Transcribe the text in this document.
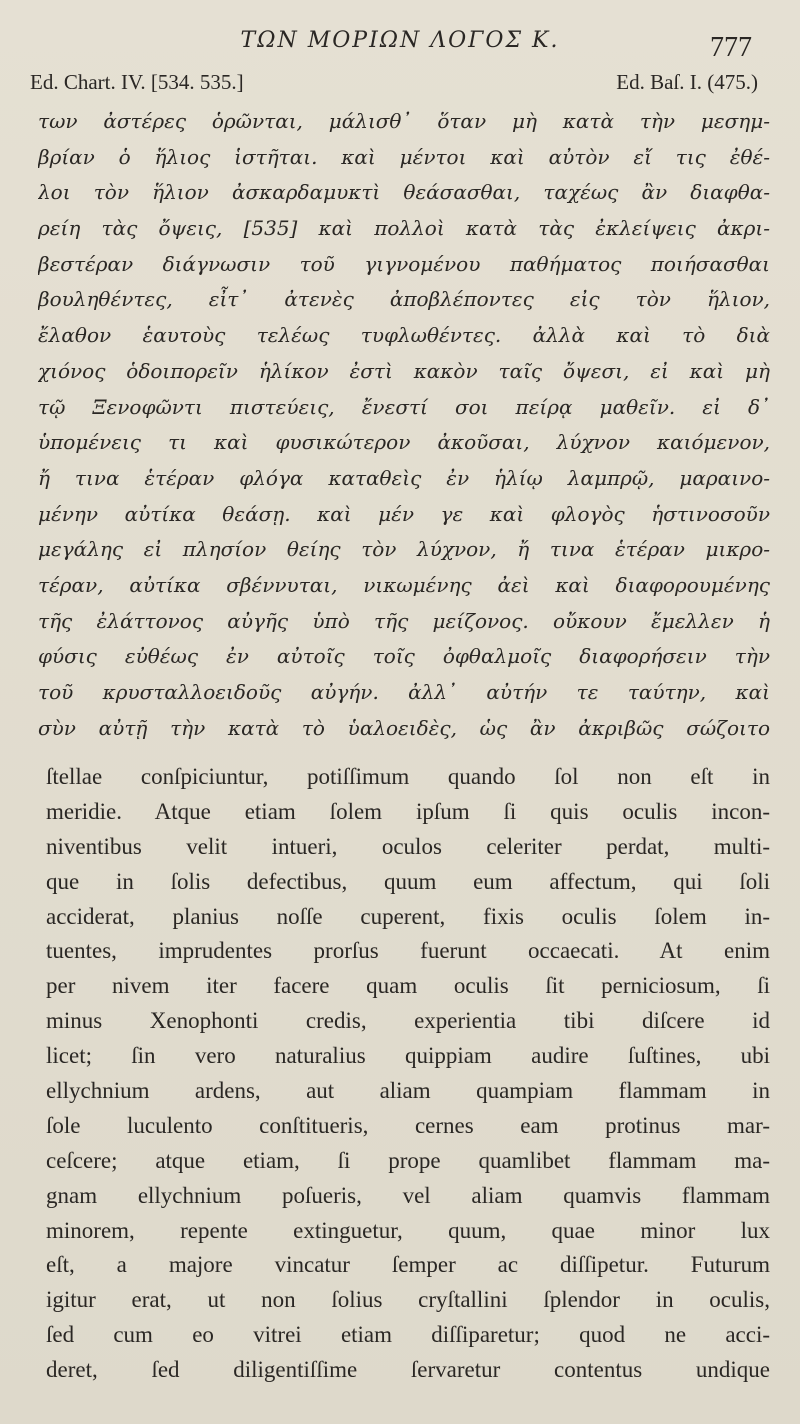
ΤΩΝ ΜΟΡΙΩΝ ΛΟΓΟΣ Κ.	777
Ed. Chart. IV. [534. 535.]	Ed. Baſ. I. (475.)
των ἀστέρες ὁρῶνται, μάλισθ᾽ ὅταν μὴ κατὰ τὴν μεσημ-
βρίαν ὁ ἥλιος ἱστῆται. καὶ μέντοι καὶ αὐτὸν εἴ τις ἐθέ-
λοι τὸν ἥλιον ἀσκαρδαμυκτὶ θεάσασθαι, ταχέως ἂν διαφθα-
ρείη τὰς ὄψεις, [535] καὶ πολλοὶ κατὰ τὰς ἐκλείψεις ἀκρι-
βεστέραν διάγνωσιν τοῦ γιγνομένου παθήματος ποιήσασθαι
βουληθέντες, εἶτ᾽ ἀτενὲς ἀποβλέποντες εἰς τὸν ἥλιον,
ἔλαθον ἑαυτοὺς τελέως τυφλωθέντες. ἀλλὰ καὶ τὸ διὰ
χιόνος ὁδοιπορεῖν ἡλίκον ἐστὶ κακὸν ταῖς ὄψεσι, εἰ καὶ μὴ
τῷ Ξενοφῶντι πιστεύεις, ἔνεστί σοι πείρᾳ μαθεῖν. εἰ δ᾽
ὑπομένεις τι καὶ φυσικώτερον ἀκοῦσαι, λύχνον καιόμενον,
ἤ τινα ἑτέραν φλόγα καταθεὶς ἐν ἡλίῳ λαμπρῷ, μαραινο-
μένην αὐτίκα θεάσῃ. καὶ μέν γε καὶ φλογὸς ἡστινοσοῦν
μεγάλης εἰ πλησίον θείης τὸν λύχνον, ἤ τινα ἑτέραν μικρο-
τέραν, αὐτίκα σβέννυται, νικωμένης ἀεὶ καὶ διαφορουμένης
τῆς ἐλάττονος αὐγῆς ὑπὸ τῆς μείζονος. οὔκουν ἔμελλεν ἡ
φύσις εὐθέως ἐν αὐτοῖς τοῖς ὀφθαλμοῖς διαφορήσειν τὴν
τοῦ κρυσταλλοειδοῦς αὐγήν. ἀλλ᾽ αὐτήν τε ταύτην, καὶ
σὺν αὐτῇ τὴν κατὰ τὸ ὑαλοειδὲς, ὡς ἂν ἀκριβῶς σώζοιτο
ſtellae conſpiciuntur, potiſſimum quando ſol non eſt in
meridie. Atque etiam ſolem ipſum ſi quis oculis incon-
niventibus velit intueri, oculos celeriter perdat, multi-
que in ſolis defectibus, quum eum affectum, qui ſoli
acciderat, planius noſſe cuperent, fixis oculis ſolem in-
tuentes, imprudentes prorſus fuerunt occaecati. At enim
per nivem iter facere quam oculis ſit perniciosum, ſi
minus Xenophonti credis, experientia tibi diſcere id
licet; ſin vero naturalius quippiam audire ſuſtines, ubi
ellychnium ardens, aut aliam quampiam flammam in
ſole luculento conſtitueris, cernes eam protinus mar-
ceſcere; atque etiam, ſi prope quamlibet flammam ma-
gnam ellychnium poſueris, vel aliam quamvis flammam
minorem, repente extinguetur, quum, quae minor lux
eſt, a majore vincatur ſemper ac diſſipetur. Futurum
igitur erat, ut non ſolius cryſtallini ſplendor in oculis,
ſed cum eo vitrei etiam diſſiparetur; quod ne acci-
deret, ſed diligentiſſime ſervaretur contentus undique
